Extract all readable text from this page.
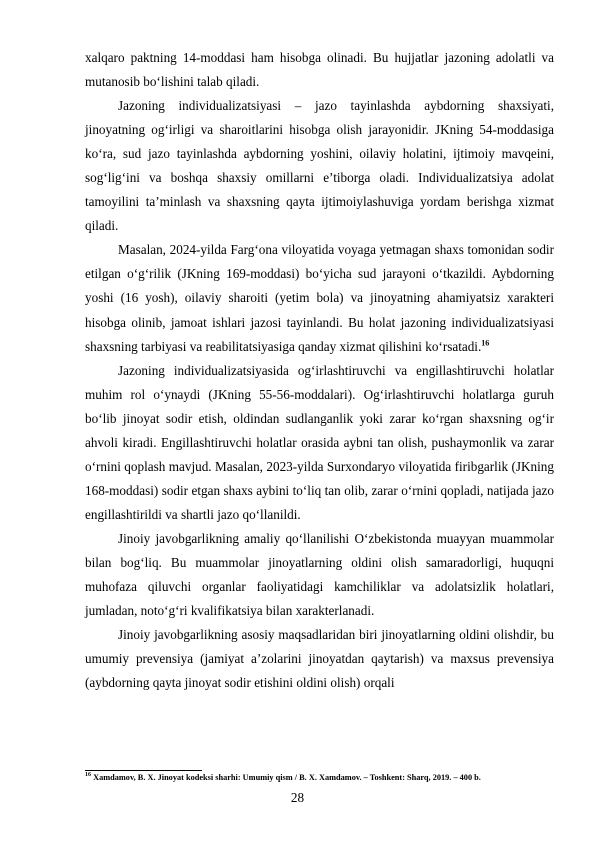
xalqaro paktning 14-moddasi ham hisobga olinadi. Bu hujjatlar jazoning adolatli va mutanosib bo‘lishini talab qiladi.

Jazoning individualizatsiyasi – jazo tayinlashda aybdorning shaxsiyati, jinoyatning og‘irligi va sharoitlarini hisobga olish jarayonidir. JKning 54-moddasiga ko‘ra, sud jazo tayinlashda aybdorning yoshini, oilaviy holatini, ijtimoiy mavqeini, sog‘lig‘ini va boshqa shaxsiy omillarni e’tiborga oladi. Individualizatsiya adolat tamoyilini ta’minlash va shaxsning qayta ijtimoiylashuviga yordam berishga xizmat qiladi.

Masalan, 2024-yilda Farg‘ona viloyatida voyaga yetmagan shaxs tomonidan sodir etilgan o‘g‘rilik (JKning 169-moddasi) bo‘yicha sud jarayoni o‘tkazildi. Aybdorning yoshi (16 yosh), oilaviy sharoiti (yetim bola) va jinoyatning ahamiyatsiz xarakteri hisobga olinib, jamoat ishlari jazosi tayinlandi. Bu holat jazoning individualizatsiyasi shaxsning tarbiyasi va reabilitatsiyasiga qanday xizmat qilishini ko‘rsatadi.$^{16}$

Jazoning individualizatsiyasida og‘irlashtiruvchi va engillashtiruvchi holatlar muhim rol o‘ynaydi (JKning 55-56-moddalari). Og‘irlashtiruvchi holatlarga guruh bo‘lib jinoyat sodir etish, oldindan sudlanganlik yoki zarar ko‘rgan shaxsning og‘ir ahvoli kiradi. Engillashtiruvchi holatlar orasida aybni tan olish, pushaymonlik va zarar o‘rnini qoplash mavjud. Masalan, 2023-yilda Surxondaryo viloyatida firibgarlik (JKning 168-moddasi) sodir etgan shaxs aybini to‘liq tan olib, zarar o‘rnini qopladi, natijada jazo engillashtirildi va shartli jazo qo‘llanildi.

Jinoiy javobgarlikning amaliy qo‘llanilishi O‘zbekistonda muayyan muammolar bilan bog‘liq. Bu muammolar jinoyatlarning oldini olish samaradorligi, huquqni muhofaza qiluvchi organlar faoliyatidagi kamchiliklar va adolatsizlik holatlari, jumladan, noto‘g‘ri kvalifikatsiya bilan xarakterlanadi.

Jinoiy javobgarlikning asosiy maqsadlaridan biri jinoyatlarning oldini olishdir, bu umumiy prevensiya (jamiyat a’zolarini jinoyatdan qaytarish) va maxsus prevensiya (aybdorning qayta jinoyat sodir etishini oldini olish) orqali

$^{16}$ Xamdamov, B. X. Jinoyat kodeksi sharhi: Umumiy qism / B. X. Xamdamov. – Toshkent: Sharq, 2019. – 400 b.
28
